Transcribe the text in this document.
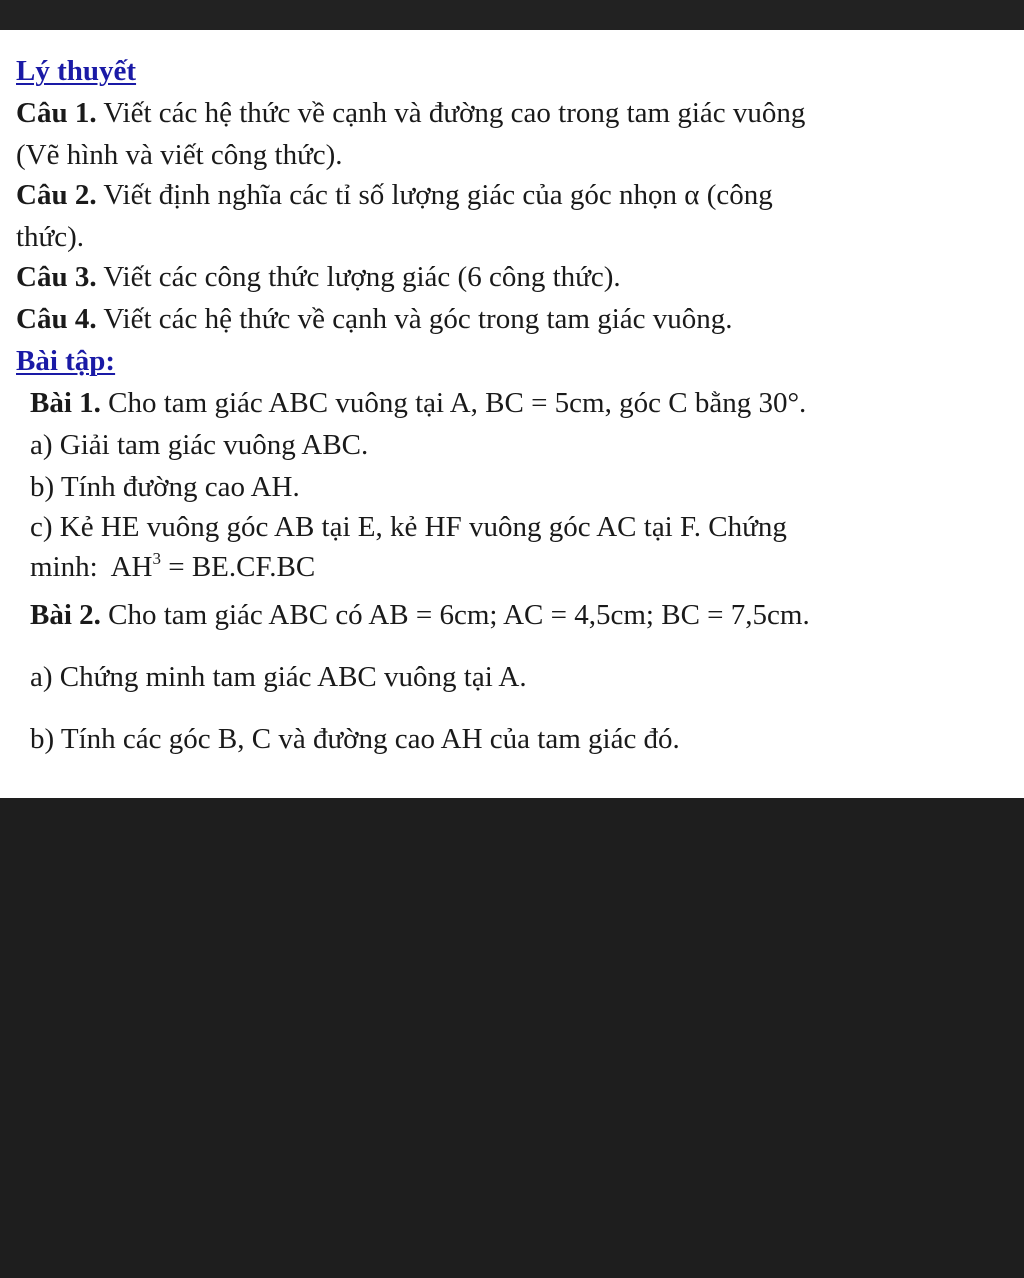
Lý thuyết
Câu 1. Viết các hệ thức về cạnh và đường cao trong tam giác vuông
(Vẽ hình và viết công thức).
Câu 2. Viết định nghĩa các tỉ số lượng giác của góc nhọn α (công
thức).
Câu 3. Viết các công thức lượng giác (6 công thức).
Câu 4. Viết các hệ thức về cạnh và góc trong tam giác vuông.
Bài tập:
Bài 1. Cho tam giác ABC vuông tại A, BC = 5cm, góc C bằng 30°.
a) Giải tam giác vuông ABC.
b) Tính đường cao AH.
c) Kẻ HE vuông góc AB tại E, kẻ HF vuông góc AC tại F. Chứng
minh: $AH^3 = BE.CF.BC$
Bài 2. Cho tam giác ABC có AB = 6cm; AC = 4,5cm; BC = 7,5cm.
a) Chứng minh tam giác ABC vuông tại A.
b) Tính các góc B, C và đường cao AH của tam giác đó.
